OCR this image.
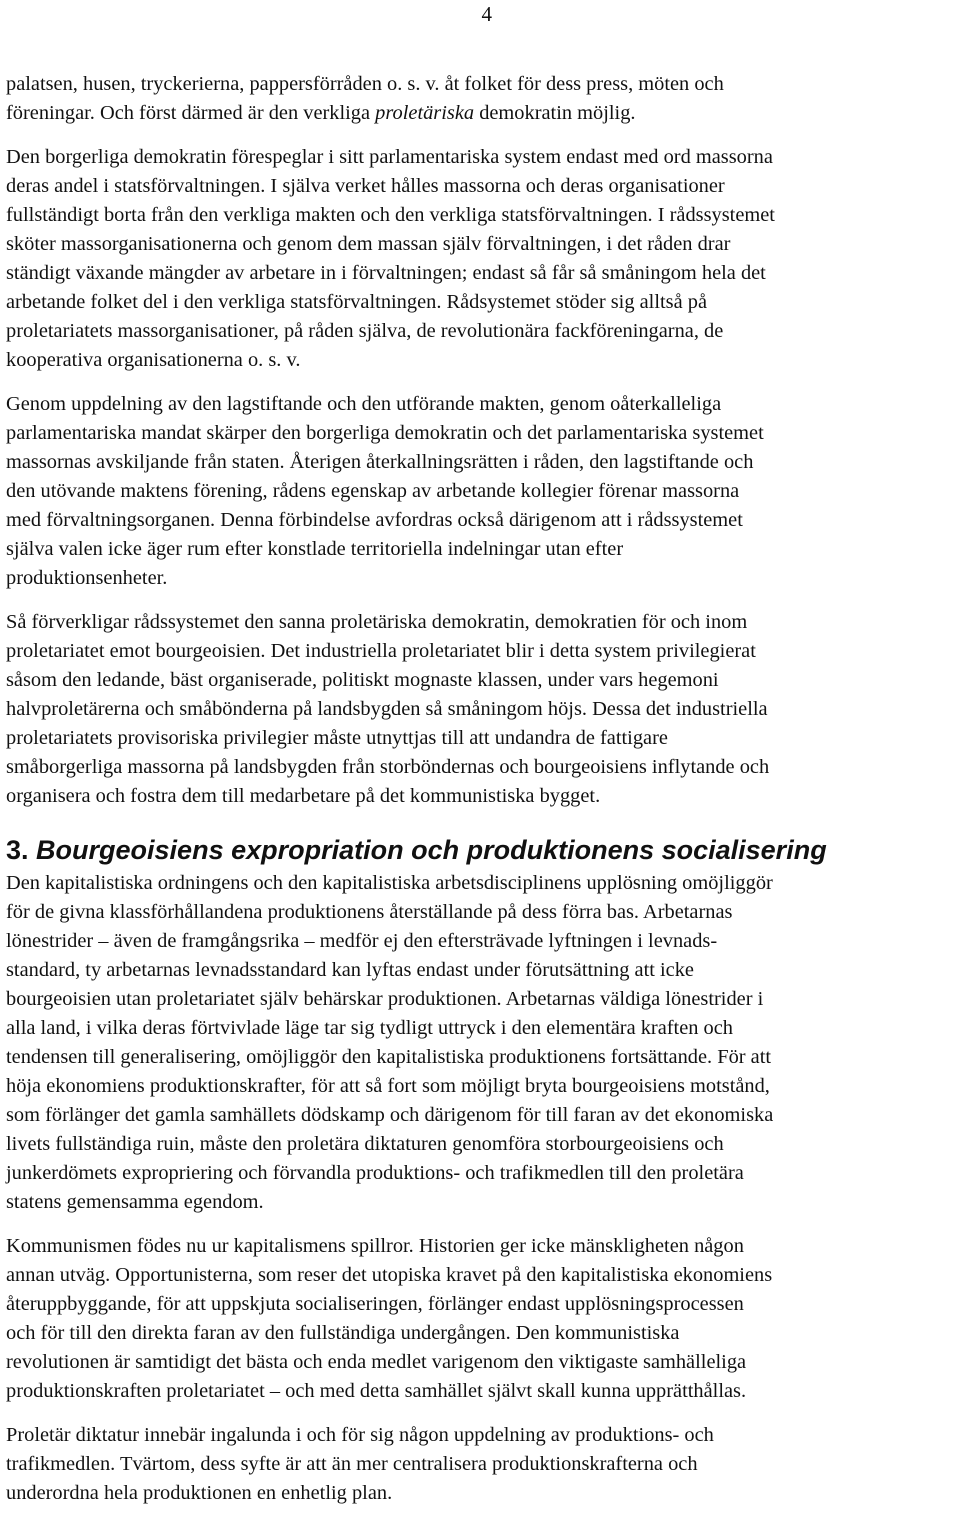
4

palatsen, husen, tryckerierna, pappersförråden o. s. v. åt folket för dess press, möten och
föreningar. Och först därmed är den verkliga proletäriska demokratin möjlig.

Den borgerliga demokratin förespeglar i sitt parlamentariska system endast med ord massorna
deras andel i statsförvaltningen. I själva verket hålles massorna och deras organisationer
fullständigt borta från den verkliga makten och den verkliga statsförvaltningen. I rådssystemet
sköter massorganisationerna och genom dem massan själv förvaltningen, i det råden drar
ständigt växande mängder av arbetare in i förvaltningen; endast så får så småningom hela det
arbetande folket del i den verkliga statsförvaltningen. Rådsystemet stöder sig alltså på
proletariatets massorganisationer, på råden själva, de revolutionära fackföreningarna, de
kooperativa organisationerna o. s. v.

Genom uppdelning av den lagstiftande och den utförande makten, genom oåterkalleliga
parlamentariska mandat skärper den borgerliga demokratin och det parlamentariska systemet
massornas avskiljande från staten. Återigen återkallningsrätten i råden, den lagstiftande och
den utövande maktens förening, rådens egenskap av arbetande kollegier förenar massorna
med förvaltningsorganen. Denna förbindelse avfordras också därigenom att i rådssystemet
själva valen icke äger rum efter konstlade territoriella indelningar utan efter
produktionsenheter.

Så förverkligar rådssystemet den sanna proletäriska demokratin, demokratien för och inom
proletariatet emot bourgeoisien. Det industriella proletariatet blir i detta system privilegierat
såsom den ledande, bäst organiserade, politiskt mognaste klassen, under vars hegemoni
halvproletärerna och småbönderna på landsbygden så småningom höjs. Dessa det industriella
proletariatets provisoriska privilegier måste utnyttjas till att undandra de fattigare
småborgerliga massorna på landsbygden från storböndernas och bourgeoisiens inflytande och
organisera och fostra dem till medarbetare på det kommunistiska bygget.

3. Bourgeoisiens expropriation och produktionens socialisering

Den kapitalistiska ordningens och den kapitalistiska arbetsdisciplinens upplösning omöjliggör
för de givna klassförhållandena produktionens återställande på dess förra bas. Arbetarnas
lönestrider – även de framgångsrika – medför ej den eftersträvade lyftningen i levnads-
standard, ty arbetarnas levnadsstandard kan lyftas endast under förutsättning att icke
bourgeoisien utan proletariatet själv behärskar produktionen. Arbetarnas väldiga lönestrider i
alla land, i vilka deras förtvivlade läge tar sig tydligt uttryck i den elementära kraften och
tendensen till generalisering, omöjliggör den kapitalistiska produktionens fortsättande. För att
höja ekonomiens produktionskrafter, för att så fort som möjligt bryta bourgeoisiens motstånd,
som förlänger det gamla samhällets dödskamp och därigenom för till faran av det ekonomiska
livets fullständiga ruin, måste den proletära diktaturen genomföra storbourgeoisiens och
junkerdömets expropriering och förvandla produktions- och trafikmedlen till den proletära
statens gemensamma egendom.

Kommunismen födes nu ur kapitalismens spillror. Historien ger icke mänskligheten någon
annan utväg. Opportunisterna, som reser det utopiska kravet på den kapitalistiska ekonomiens
återuppbyggande, för att uppskjuta socialiseringen, förlänger endast upplösningsprocessen
och för till den direkta faran av den fullständiga undergången. Den kommunistiska
revolutionen är samtidigt det bästa och enda medlet varigenom den viktigaste samhälleliga
produktionskraften proletariatet – och med detta samhället självt skall kunna upprätthållas.

Proletär diktatur innebär ingalunda i och för sig någon uppdelning av produktions- och
trafikmedlen. Tvärtom, dess syfte är att än mer centralisera produktionskrafterna och
underordna hela produktionen en enhetlig plan.
